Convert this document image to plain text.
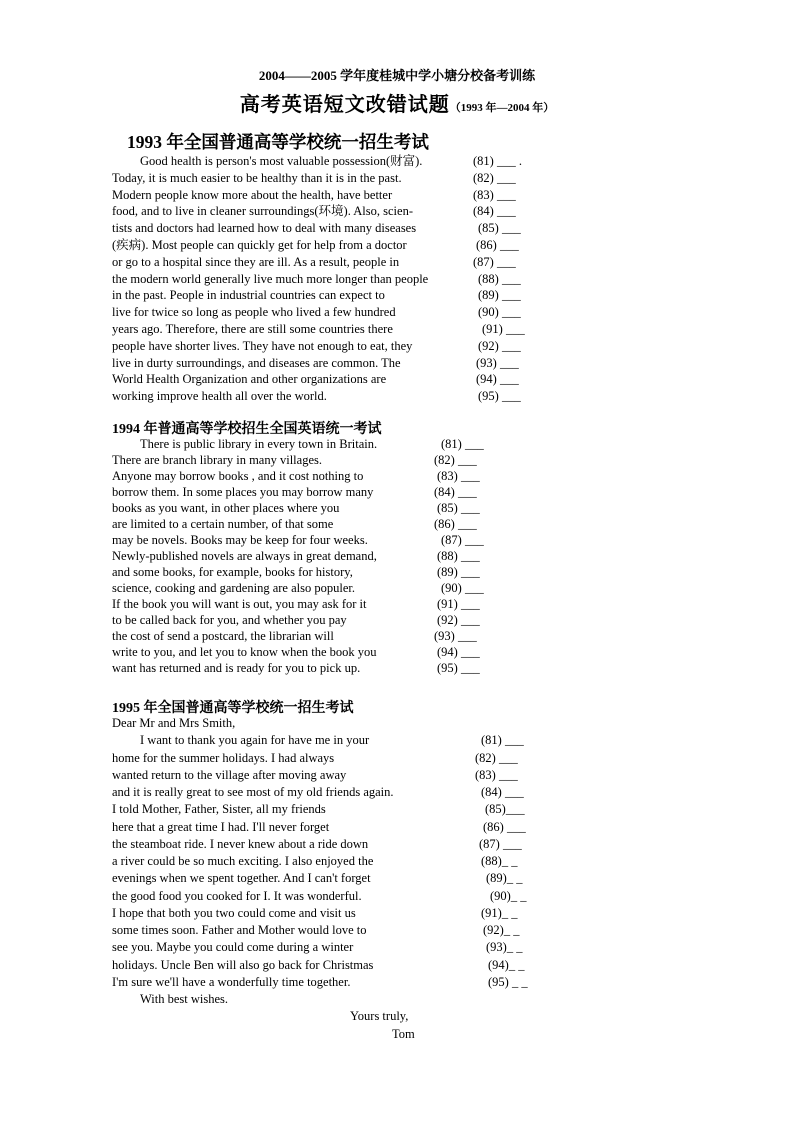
2004——2005 学年度桂城中学小塘分校备考训练
高考英语短文改错试题（1993 年—2004 年）
1993 年全国普通高等学校统一招生考试
Good health is person's most valuable possession(财富).
Today, it is much easier to be healthy than it is in the past.
Modern people know more about the health, have better
food, and to live in cleaner surroundings(环境). Also, scien-
tists and doctors had learned how to deal with many diseases
(疾病). Most people can quickly get for help from a doctor
or go to a hospital since they are ill. As a result, people in
the modern world generally live much more longer than people
in the past. People in industrial countries can expect to
live for twice so long as people who lived a few hundred
years ago. Therefore, there are still some countries there
people have shorter lives. They have not enough to eat, they
live in durty surroundings, and diseases are common. The
World Health Organization and other organizations are
working improve health all over the world.
(81) ___ .
(82) ___
(83) ___
(84) ___
(85) ___
(86) ___
(87) ___
(88) ___
(89) ___
(90) ___
(91) ___
(92) ___
(93) ___
(94) ___
(95) ___
1994 年普通高等学校招生全国英语统一考试
There is public library in every town in Britain.
There are branch library in many villages.
Anyone may borrow books , and it cost nothing to
borrow them. In some places you may borrow many
books as you want, in other places where you
are limited to a certain number, of that some
may be novels. Books may be keep for four weeks.
Newly-published novels are always in great demand,
and some books, for example, books for history,
science, cooking and gardening are also populer.
If the book you will want is out, you may ask for it
to be called back for you, and whether you pay
the cost of send a postcard, the librarian will
write to you, and let you to know when the book you
want has returned and is ready for you to pick up.
(81) ___
(82) ___
(83) ___
(84) ___
(85) ___
(86) ___
(87) ___
(88) ___
(89) ___
(90) ___
(91) ___
(92) ___
(93) ___
(94) ___
(95) ___
1995 年全国普通高等学校统一招生考试
Dear Mr and Mrs Smith,
I want to thank you again for have me in your
home for the summer holidays. I had always
wanted return to the village after moving away
and it is really great to see most of my old friends again.
I told Mother, Father, Sister, all my friends
here that a great time I had. I'll never forget
the steamboat ride. I never knew about a ride down
a river could be so much exciting. I also enjoyed the
evenings when we spent together. And I can't forget
the good food you cooked for I. It was wonderful.
I hope that both you two could come and visit us
some times soon. Father and Mother would love to
see you. Maybe you could come during a winter
holidays. Uncle Ben will also go back for Christmas
I'm sure we'll have a wonderfully time together.
With best wishes.
Yours truly,
Tom
(81) ___
(82) ___
(83) ___
(84) ___
(85)___
(86) ___
(87) ___
(88)_ _
(89)_ _
(90)_ _
(91)_ _
(92)_ _
(93)_ _
(94)_ _
(95) _ _
